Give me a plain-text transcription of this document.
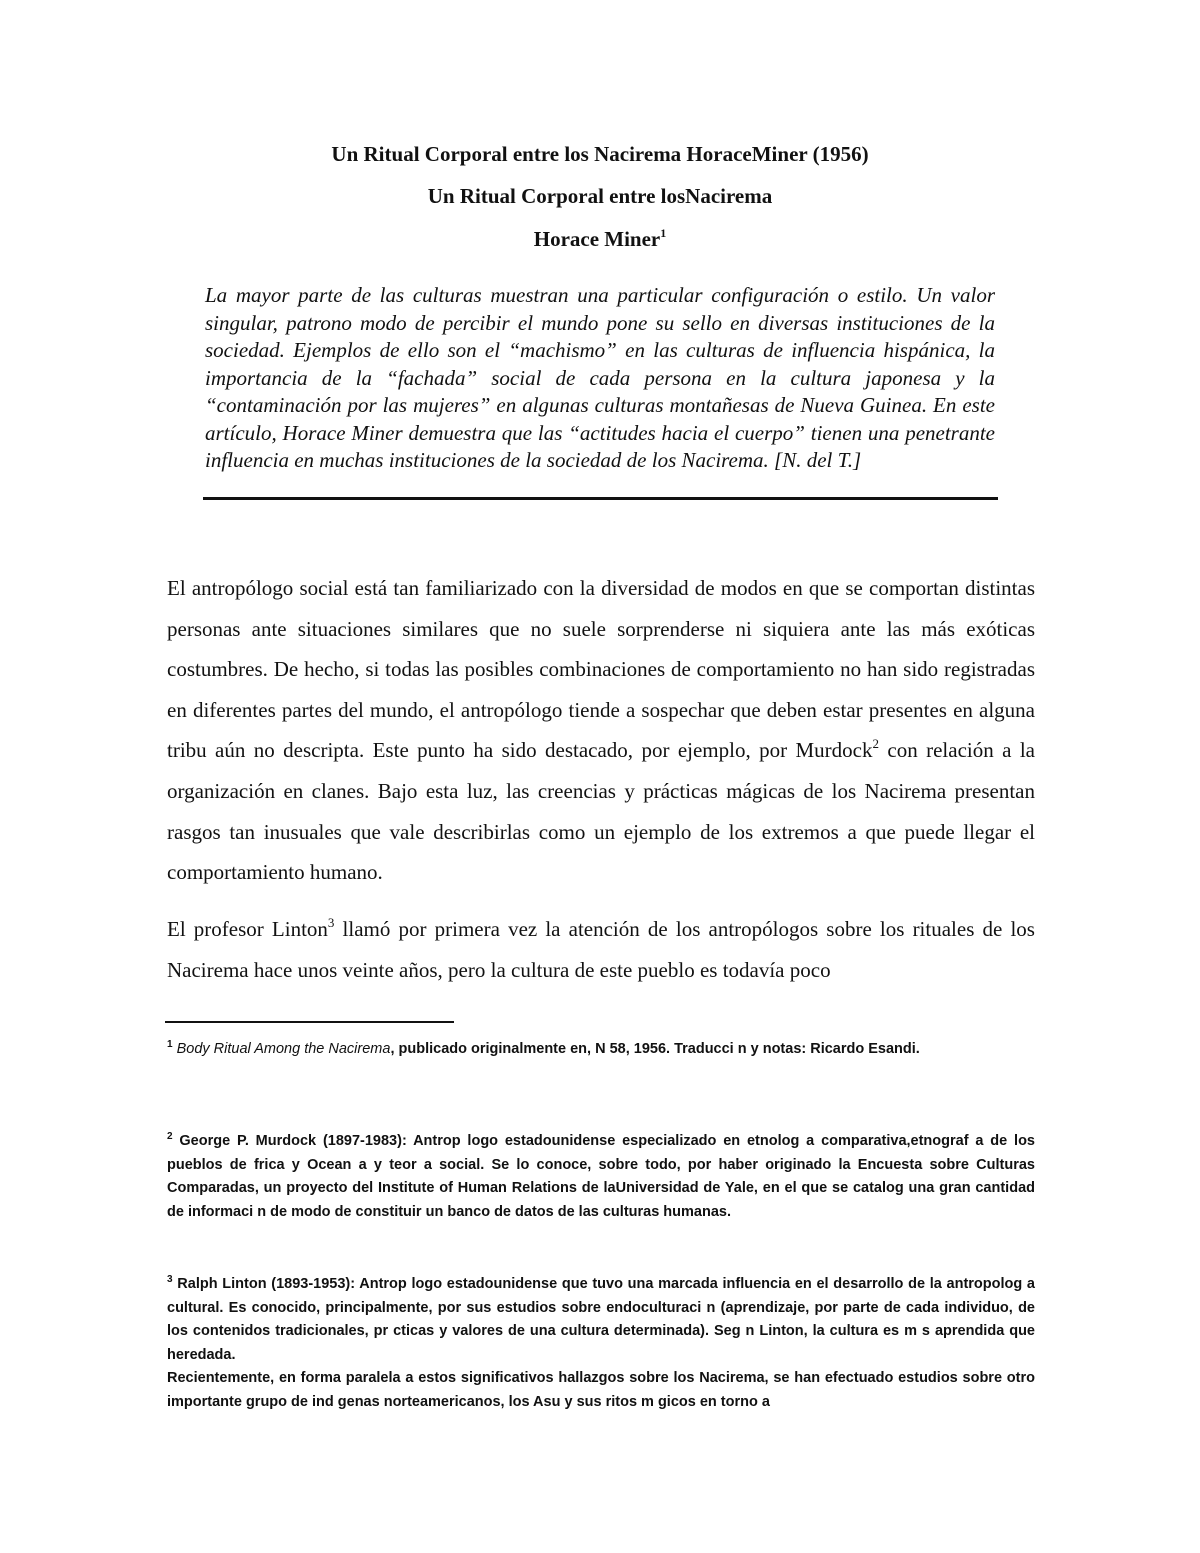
Un Ritual Corporal entre los Nacirema HoraceMiner (1956)
Un Ritual Corporal entre losNacirema
Horace Miner$^1$

La mayor parte de las culturas muestran una particular configuración o estilo. Un valor singular, patrono modo de percibir el mundo pone su sello en diversas instituciones de la sociedad. Ejemplos de ello son el “machismo” en las culturas de influencia hispánica, la importancia de la “fachada” social de cada persona en la cultura japonesa y la “contaminación por las mujeres” en algunas culturas montañesas de Nueva Guinea. En este artículo, Horace Miner demuestra que las “actitudes hacia el cuerpo” tienen una penetrante influencia en muchas instituciones de la sociedad de los Nacirema. [N. del T.]

El antropólogo social está tan familiarizado con la diversidad de modos en que se comportan distintas personas ante situaciones similares que no suele sorprenderse ni siquiera ante las más exóticas costumbres. De hecho, si todas las posibles combinaciones de comportamiento no han sido registradas en diferentes partes del mundo, el antropólogo tiende a sospechar que deben estar presentes en alguna tribu aún no descripta. Este punto ha sido destacado, por ejemplo, por Murdock$^2$ con relación a la organización en clanes. Bajo esta luz, las creencias y prácticas mágicas de los Nacirema presentan rasgos tan inusuales que vale describirlas como un ejemplo de los extremos a que puede llegar el comportamiento humano.

El profesor Linton$^3$ llamó por primera vez la atención de los antropólogos sobre los rituales de los Nacirema hace unos veinte años, pero la cultura de este pueblo es todavía poco

$^1$ Body Ritual Among the Nacirema, publicado originalmente en, N 58, 1956. Traducci n y notas: Ricardo Esandi.

$^2$ George P. Murdock (1897-1983): Antrop logo estadounidense especializado en etnolog a comparativa,etnograf a de los pueblos de frica y Ocean a y teor a social. Se lo conoce, sobre todo, por haber originado la Encuesta sobre Culturas Comparadas, un proyecto del Institute of Human Relations de laUniversidad de Yale, en el que se catalog una gran cantidad de informaci n de modo de constituir un banco de datos de las culturas humanas.

$^3$ Ralph Linton (1893-1953): Antrop logo estadounidense que tuvo una marcada influencia en el desarrollo de la antropolog a cultural. Es conocido, principalmente, por sus estudios sobre endoculturaci n (aprendizaje, por parte de cada individuo, de los contenidos tradicionales, pr cticas y valores de una cultura determinada). Seg n Linton, la cultura es m s aprendida que heredada.

Recientemente, en forma paralela a estos significativos hallazgos sobre los Nacirema, se han efectuado estudios sobre otro importante grupo de ind genas norteamericanos, los Asu y sus ritos m gicos en torno a
